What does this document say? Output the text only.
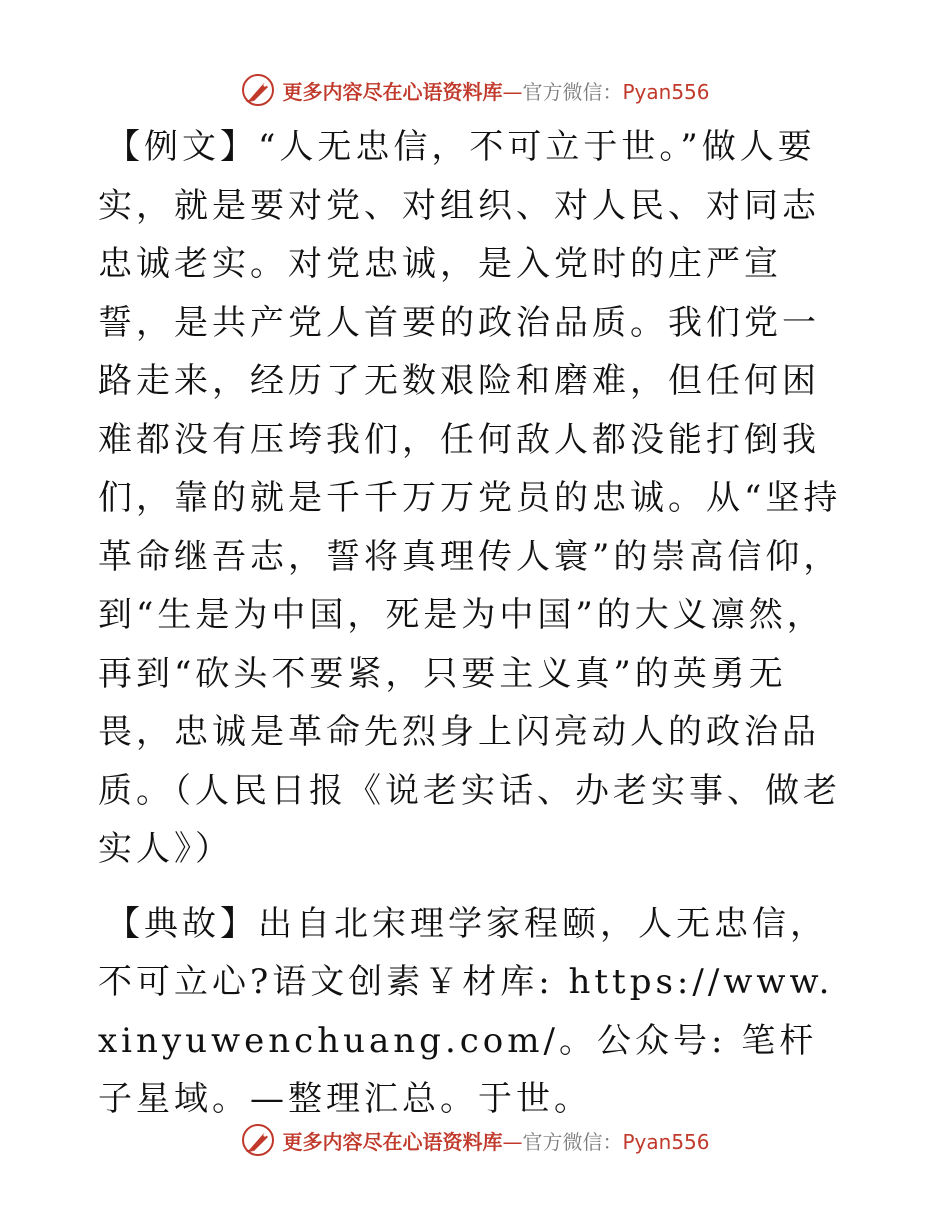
更多内容尽在心语资料库—官方微信：Pyan556

【例文】“人无忠信，不可立于世。”做人要实，就是要对党、对组织、对人民、对同志忠诚老实。对党忠诚，是入党时的庄严宣誓，是共产党人首要的政治品质。我们党一路走来，经历了无数艰险和磨难，但任何困难都没有压垮我们，任何敌人都没能打倒我们，靠的就是千千万万党员的忠诚。从“坚持革命继吾志，誓将真理传人寰”的崇高信仰，到“生是为中国，死是为中国”的大义凛然，再到“砍头不要紧，只要主义真”的英勇无畏，忠诚是革命先烈身上闪亮动人的政治品质。（人民日报《说老实话、办老实事、做老实人》）

【典故】出自北宋理学家程颐，人无忠信，不可立心?语文创素￥材库: https://www.xinyuwenchuang.com/。公众号: 笔杆子星域。—整理汇总。于世。

更多内容尽在心语资料库—官方微信：Pyan556
